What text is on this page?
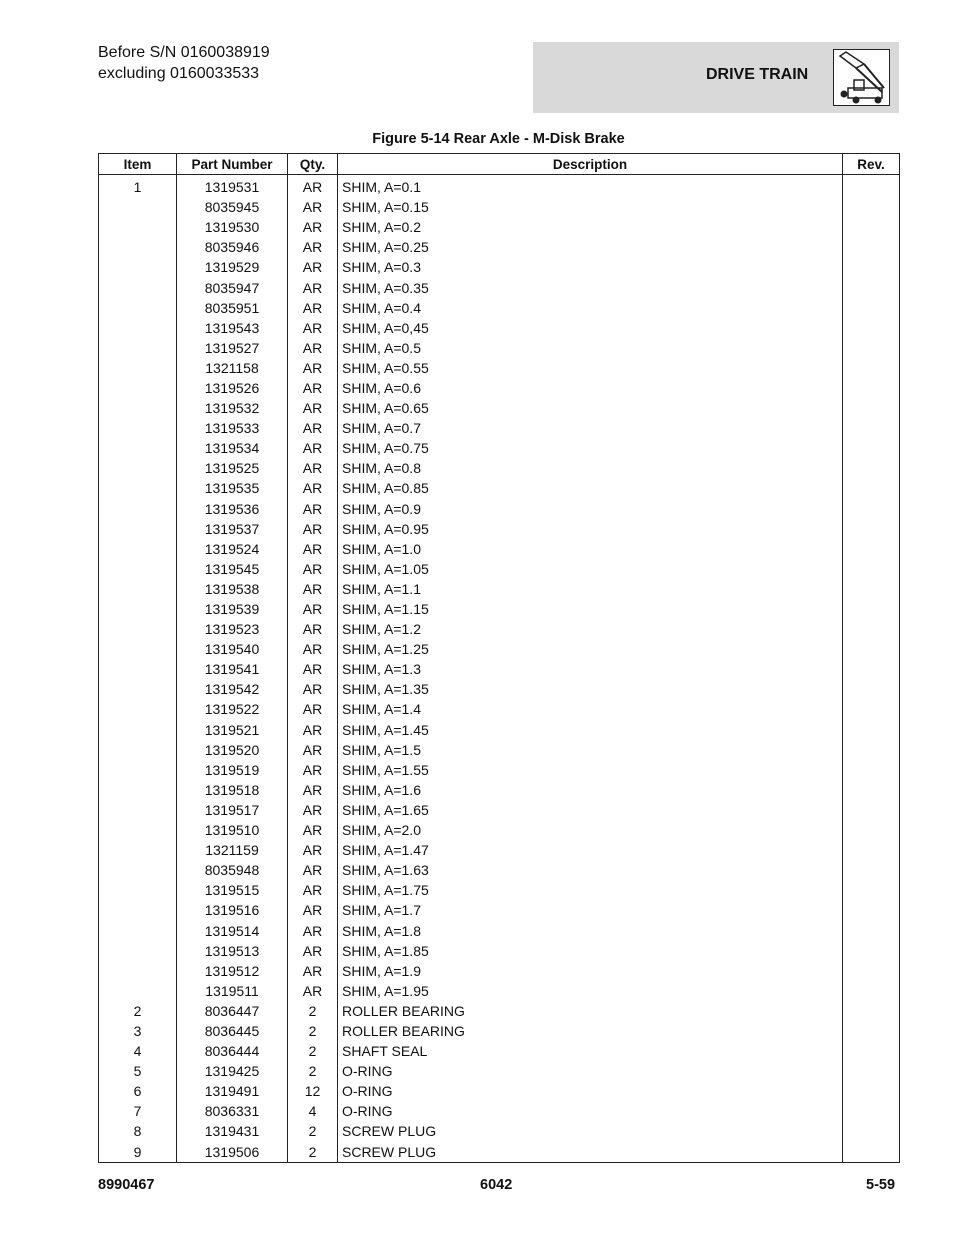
Before S/N 0160038919
excluding 0160033533	DRIVE TRAIN
Figure 5-14 Rear Axle - M-Disk Brake
Item	Part Number	Qty.	Description	Rev.
1	1319531	AR	SHIM, A=0.1	
	8035945	AR	SHIM, A=0.15	
	1319530	AR	SHIM, A=0.2	
	8035946	AR	SHIM, A=0.25	
	1319529	AR	SHIM, A=0.3	
	8035947	AR	SHIM, A=0.35	
	8035951	AR	SHIM, A=0.4	
	1319543	AR	SHIM, A=0,45	
	1319527	AR	SHIM, A=0.5	
	1321158	AR	SHIM, A=0.55	
	1319526	AR	SHIM, A=0.6	
	1319532	AR	SHIM, A=0.65	
	1319533	AR	SHIM, A=0.7	
	1319534	AR	SHIM, A=0.75	
	1319525	AR	SHIM, A=0.8	
	1319535	AR	SHIM, A=0.85	
	1319536	AR	SHIM, A=0.9	
	1319537	AR	SHIM, A=0.95	
	1319524	AR	SHIM, A=1.0	
	1319545	AR	SHIM, A=1.05	
	1319538	AR	SHIM, A=1.1	
	1319539	AR	SHIM, A=1.15	
	1319523	AR	SHIM, A=1.2	
	1319540	AR	SHIM, A=1.25	
	1319541	AR	SHIM, A=1.3	
	1319542	AR	SHIM, A=1.35	
	1319522	AR	SHIM, A=1.4	
	1319521	AR	SHIM, A=1.45	
	1319520	AR	SHIM, A=1.5	
	1319519	AR	SHIM, A=1.55	
	1319518	AR	SHIM, A=1.6	
	1319517	AR	SHIM, A=1.65	
	1319510	AR	SHIM, A=2.0	
	1321159	AR	SHIM, A=1.47	
	8035948	AR	SHIM, A=1.63	
	1319515	AR	SHIM, A=1.75	
	1319516	AR	SHIM, A=1.7	
	1319514	AR	SHIM, A=1.8	
	1319513	AR	SHIM, A=1.85	
	1319512	AR	SHIM, A=1.9	
	1319511	AR	SHIM, A=1.95	
2	8036447	2	ROLLER BEARING	
3	8036445	2	ROLLER BEARING	
4	8036444	2	SHAFT SEAL	
5	1319425	2	O-RING	
6	1319491	12	O-RING	
7	8036331	4	O-RING	
8	1319431	2	SCREW PLUG	
9	1319506	2	SCREW PLUG	
8990467	6042	5-59
